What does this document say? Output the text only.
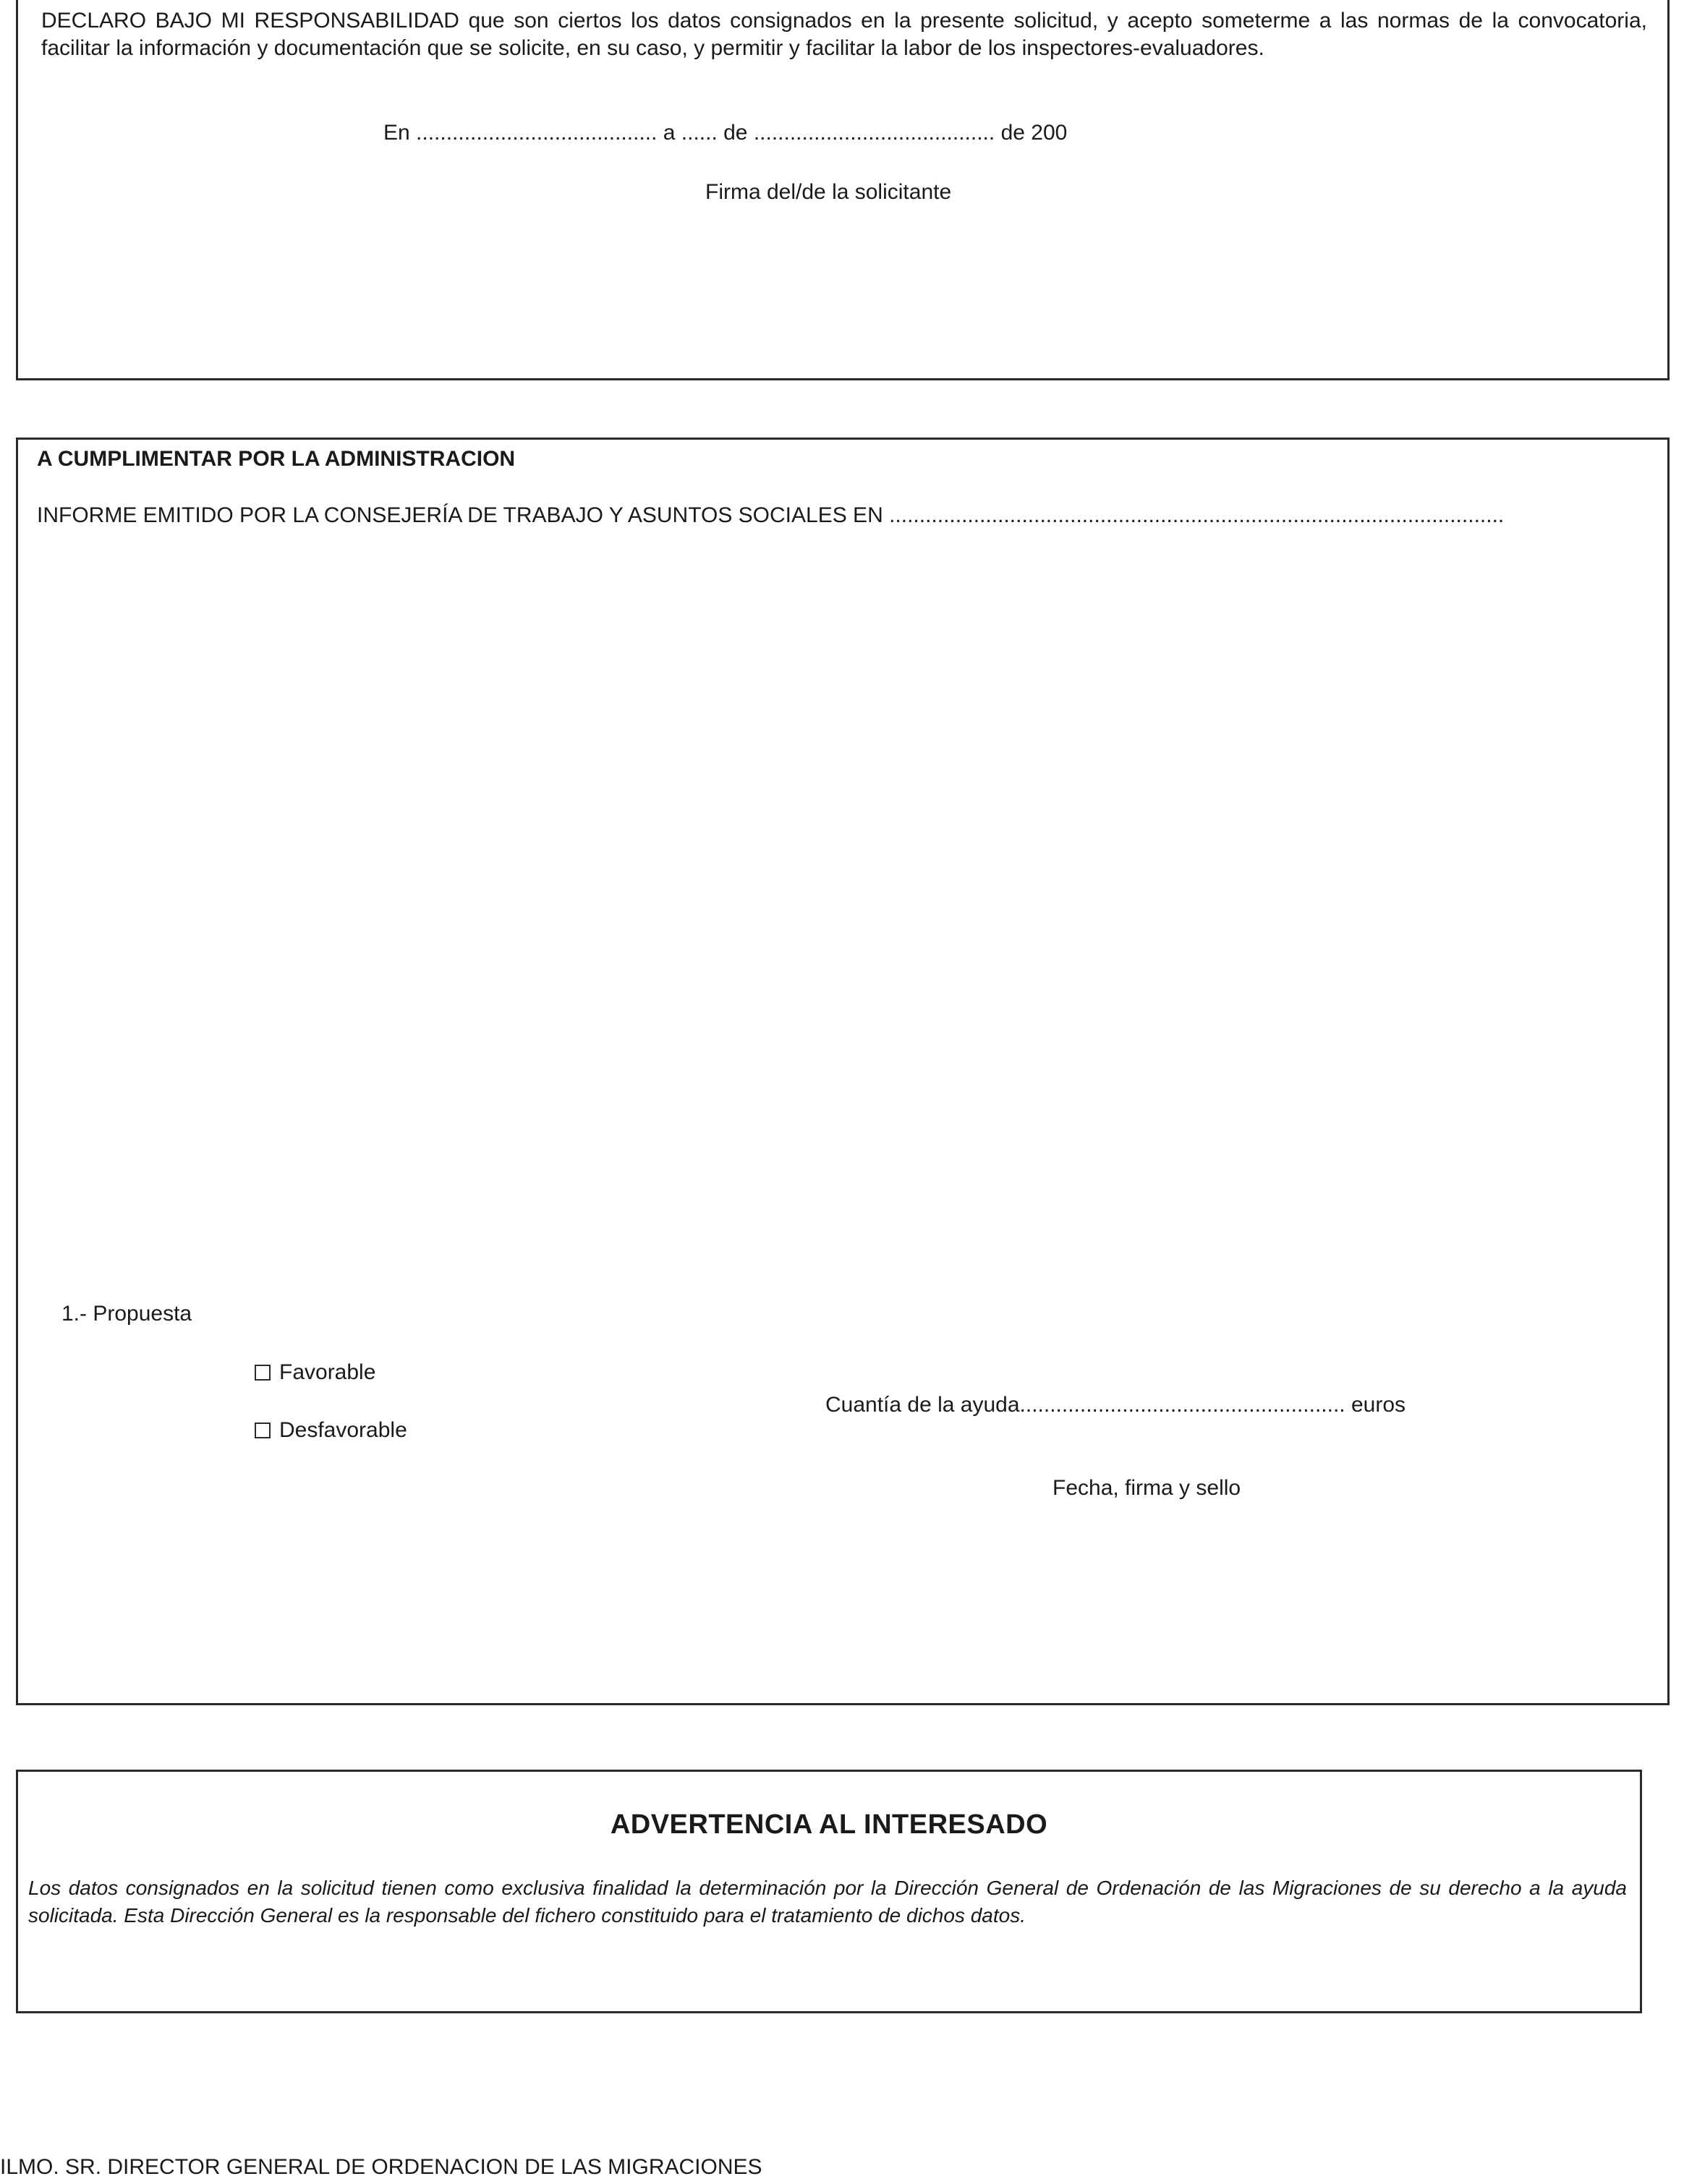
DECLARO BAJO MI RESPONSABILIDAD que son ciertos los datos consignados en la presente solicitud, y acepto someterme a las normas de la convocatoria, facilitar la información y documentación que se solicite, en su caso, y permitir y facilitar la labor de los inspectores-evaluadores.
En ........................................ a ...... de ........................................ de 200
Firma del/de la solicitante
A CUMPLIMENTAR POR LA ADMINISTRACION
INFORME EMITIDO POR LA CONSEJERÍA DE TRABAJO Y ASUNTOS SOCIALES EN ......................................................................................................
1.- Propuesta
Favorable
Desfavorable
Cuantía de la ayuda...................................................... euros
Fecha, firma y sello
ADVERTENCIA AL INTERESADO
Los datos consignados en la solicitud tienen como exclusiva finalidad la determinación por la Dirección General de Ordenación de las Migraciones de su derecho a la ayuda solicitada. Esta Dirección General es la responsable del fichero constituido para el tratamiento de dichos datos.
ILMO. SR. DIRECTOR GENERAL DE ORDENACION DE LAS MIGRACIONES
